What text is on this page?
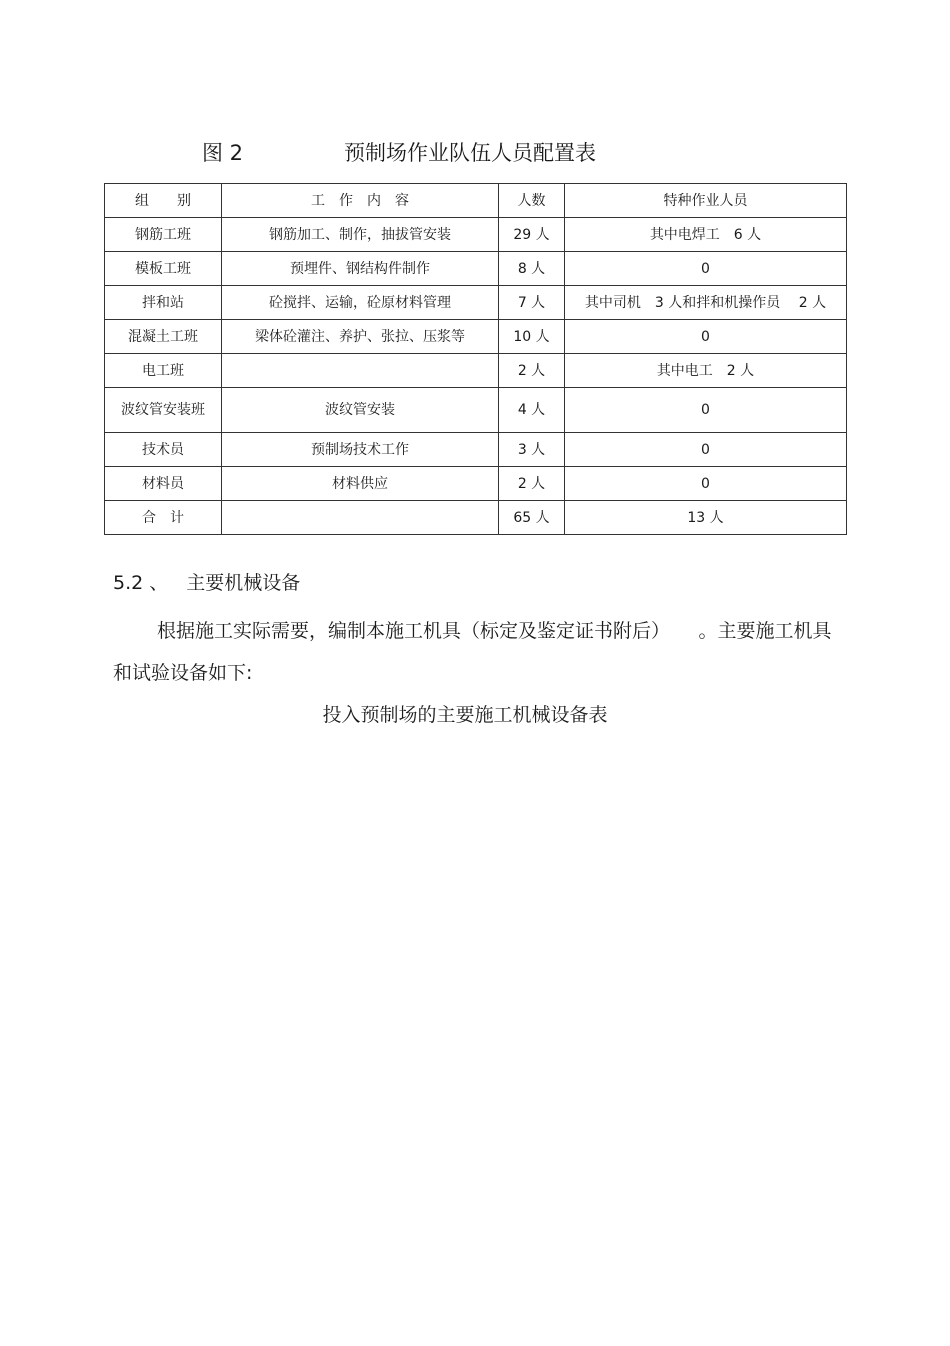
图 2	预制场作业队伍人员配置表
组　　别	工　作　内　容	人数	特种作业人员
钢筋工班	钢筋加工、制作，抽拔管安装	29 人	其中电焊工　6 人
模板工班	预埋件、钢结构件制作	8 人	0
拌和站	砼搅拌、运输，砼原材料管理	7 人	其中司机　3 人和拌和机操作员　 2 人
混凝土工班	梁体砼灌注、养护、张拉、压浆等	10 人	0
电工班		2 人	其中电工　2 人
波纹管安装班	波纹管安装	4 人	0
技术员	预制场技术工作	3 人	0
材料员	材料供应	2 人	0
合　计		65 人	13 人
5.2 、 主要机械设备
根据施工实际需要，编制本施工机具（标定及鉴定证书附后）　　。主要施工机具和试验设备如下:
投入预制场的主要施工机械设备表
